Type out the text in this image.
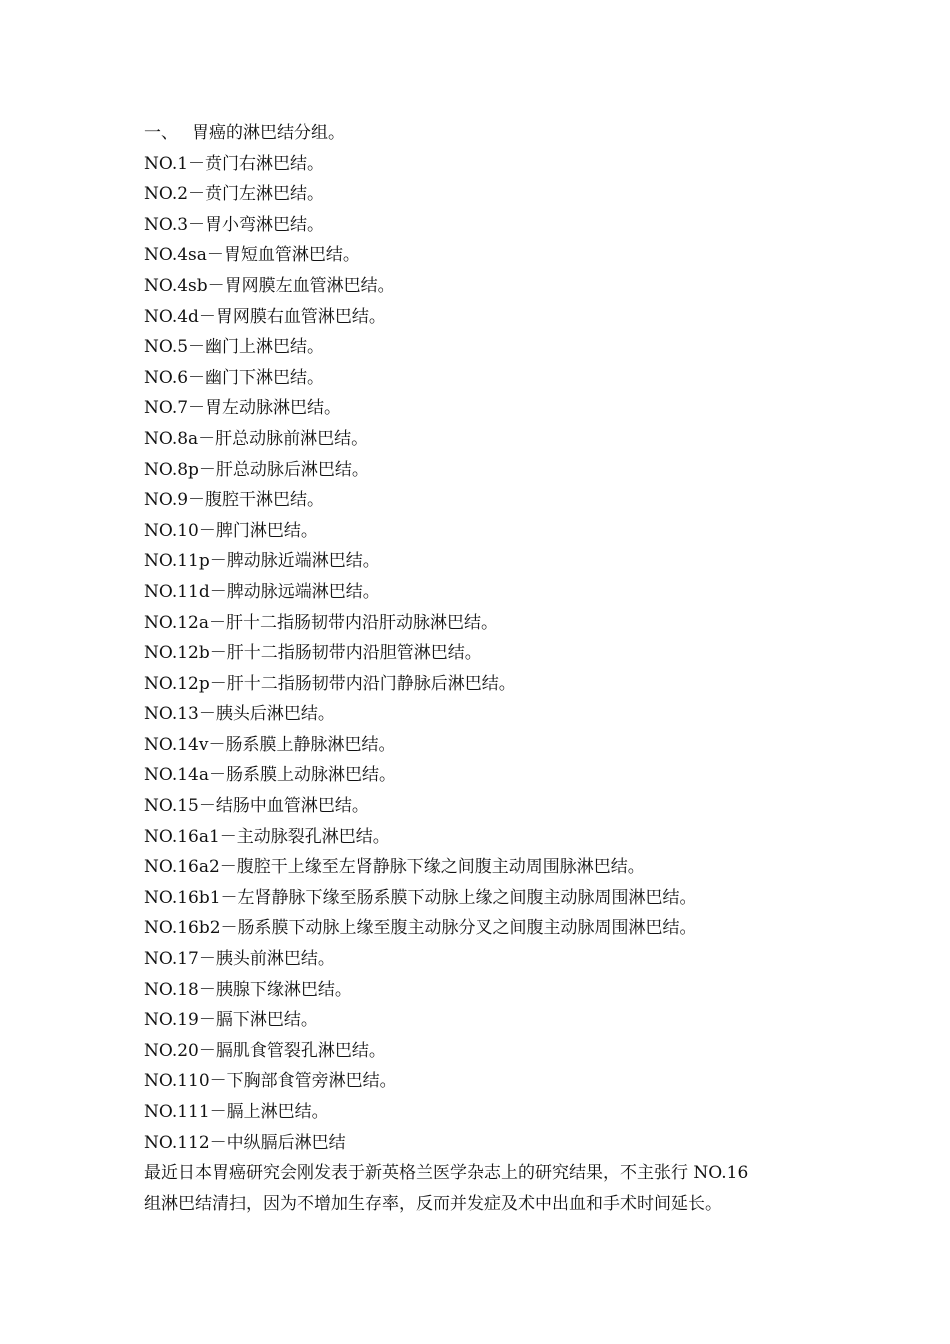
一、 胃癌的淋巴结分组。
NO.1－贲门右淋巴结。
NO.2－贲门左淋巴结。
NO.3－胃小弯淋巴结。
NO.4sa－胃短血管淋巴结。
NO.4sb－胃网膜左血管淋巴结。
NO.4d－胃网膜右血管淋巴结。
NO.5－幽门上淋巴结。
NO.6－幽门下淋巴结。
NO.7－胃左动脉淋巴结。
NO.8a－肝总动脉前淋巴结。
NO.8p－肝总动脉后淋巴结。
NO.9－腹腔干淋巴结。
NO.10－脾门淋巴结。
NO.11p－脾动脉近端淋巴结。
NO.11d－脾动脉远端淋巴结。
NO.12a－肝十二指肠韧带内沿肝动脉淋巴结。
NO.12b－肝十二指肠韧带内沿胆管淋巴结。
NO.12p－肝十二指肠韧带内沿门静脉后淋巴结。
NO.13－胰头后淋巴结。
NO.14v－肠系膜上静脉淋巴结。
NO.14a－肠系膜上动脉淋巴结。
NO.15－结肠中血管淋巴结。
NO.16a1－主动脉裂孔淋巴结。
NO.16a2－腹腔干上缘至左肾静脉下缘之间腹主动周围脉淋巴结。
NO.16b1－左肾静脉下缘至肠系膜下动脉上缘之间腹主动脉周围淋巴结。
NO.16b2－肠系膜下动脉上缘至腹主动脉分叉之间腹主动脉周围淋巴结。
NO.17－胰头前淋巴结。
NO.18－胰腺下缘淋巴结。
NO.19－膈下淋巴结。
NO.20－膈肌食管裂孔淋巴结。
NO.110－下胸部食管旁淋巴结。
NO.111－膈上淋巴结。
NO.112－中纵膈后淋巴结

最近日本胃癌研究会刚发表于新英格兰医学杂志上的研究结果，不主张行 NO.16
组淋巴结清扫，因为不增加生存率，反而并发症及术中出血和手术时间延长。
